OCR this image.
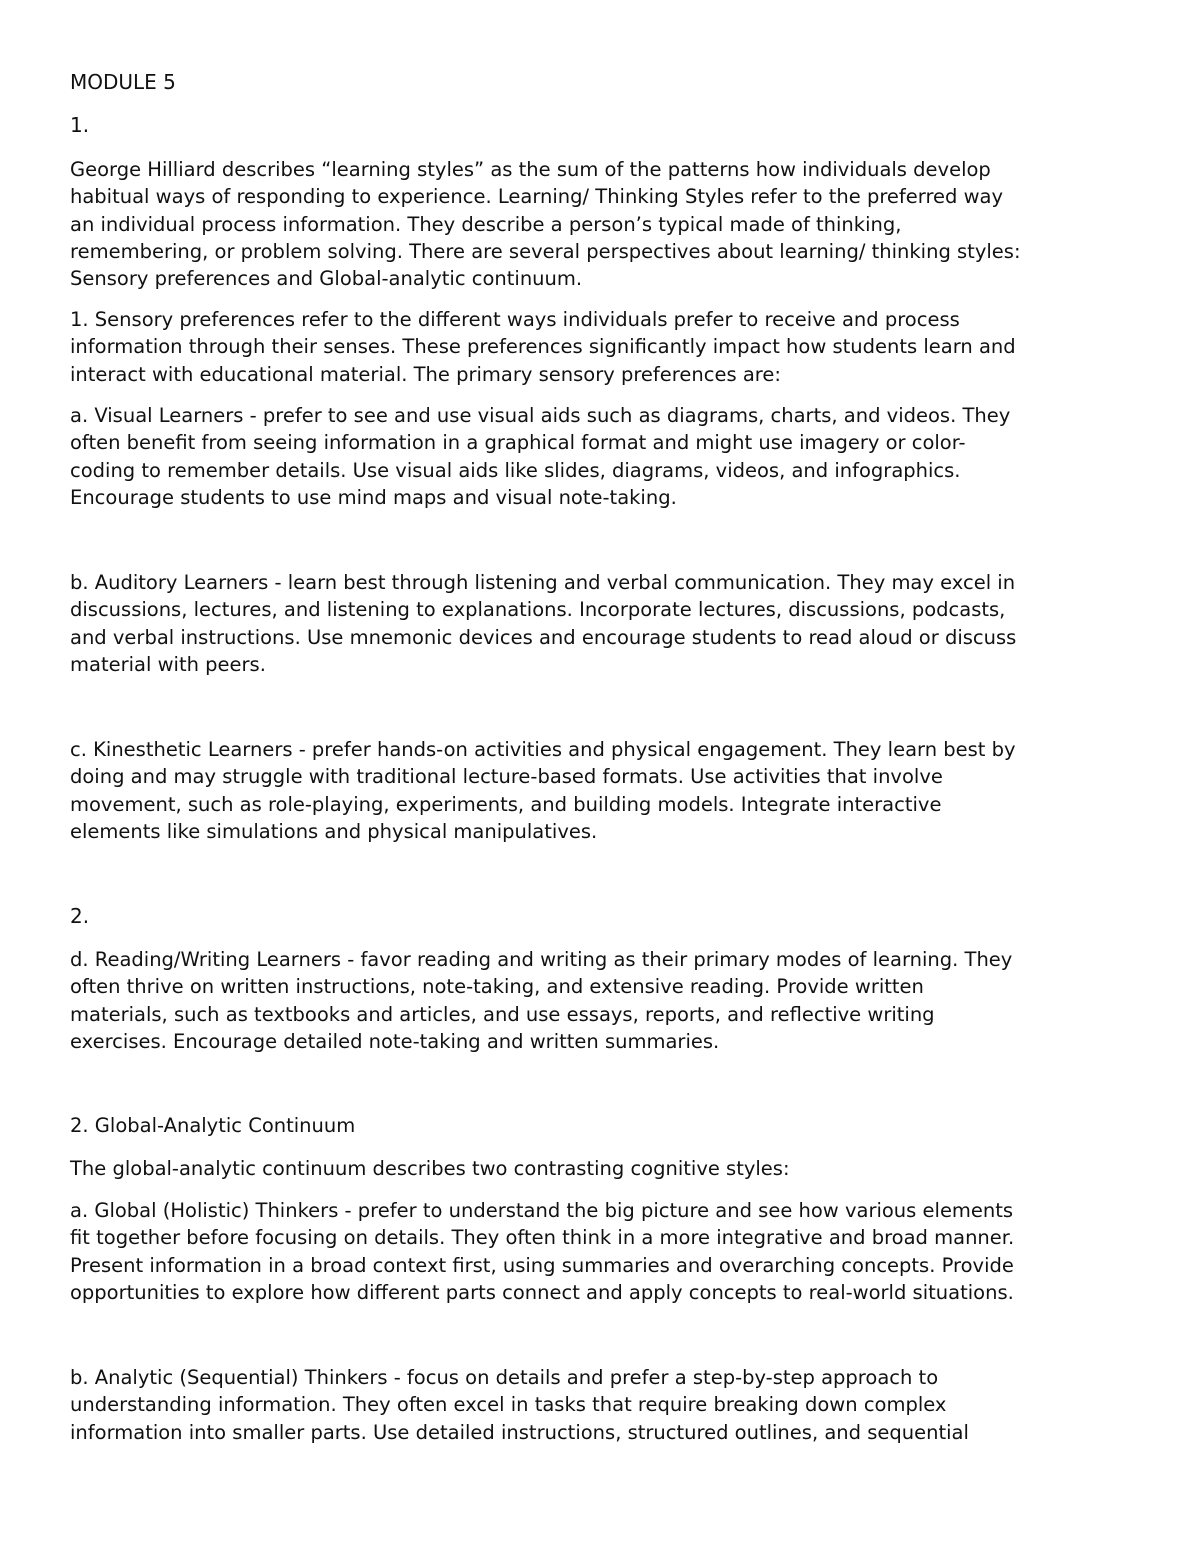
MODULE 5
1.
George Hilliard describes “learning styles” as the sum of the patterns how individuals develop
habitual ways of responding to experience. Learning/ Thinking Styles refer to the preferred way
an individual process information. They describe a person’s typical made of thinking,
remembering, or problem solving. There are several perspectives about learning/ thinking styles:
Sensory preferences and Global-analytic continuum.
1. Sensory preferences refer to the different ways individuals prefer to receive and process
information through their senses. These preferences significantly impact how students learn and
interact with educational material. The primary sensory preferences are:
a. Visual Learners - prefer to see and use visual aids such as diagrams, charts, and videos. They
often benefit from seeing information in a graphical format and might use imagery or color-
coding to remember details. Use visual aids like slides, diagrams, videos, and infographics.
Encourage students to use mind maps and visual note-taking.
b. Auditory Learners - learn best through listening and verbal communication. They may excel in
discussions, lectures, and listening to explanations. Incorporate lectures, discussions, podcasts,
and verbal instructions. Use mnemonic devices and encourage students to read aloud or discuss
material with peers.
c. Kinesthetic Learners - prefer hands-on activities and physical engagement. They learn best by
doing and may struggle with traditional lecture-based formats. Use activities that involve
movement, such as role-playing, experiments, and building models. Integrate interactive
elements like simulations and physical manipulatives.
2.
d. Reading/Writing Learners - favor reading and writing as their primary modes of learning. They
often thrive on written instructions, note-taking, and extensive reading. Provide written
materials, such as textbooks and articles, and use essays, reports, and reflective writing
exercises. Encourage detailed note-taking and written summaries.
2. Global-Analytic Continuum
The global-analytic continuum describes two contrasting cognitive styles:
a. Global (Holistic) Thinkers - prefer to understand the big picture and see how various elements
fit together before focusing on details. They often think in a more integrative and broad manner.
Present information in a broad context first, using summaries and overarching concepts. Provide
opportunities to explore how different parts connect and apply concepts to real-world situations.
b. Analytic (Sequential) Thinkers - focus on details and prefer a step-by-step approach to
understanding information. They often excel in tasks that require breaking down complex
information into smaller parts. Use detailed instructions, structured outlines, and sequential
